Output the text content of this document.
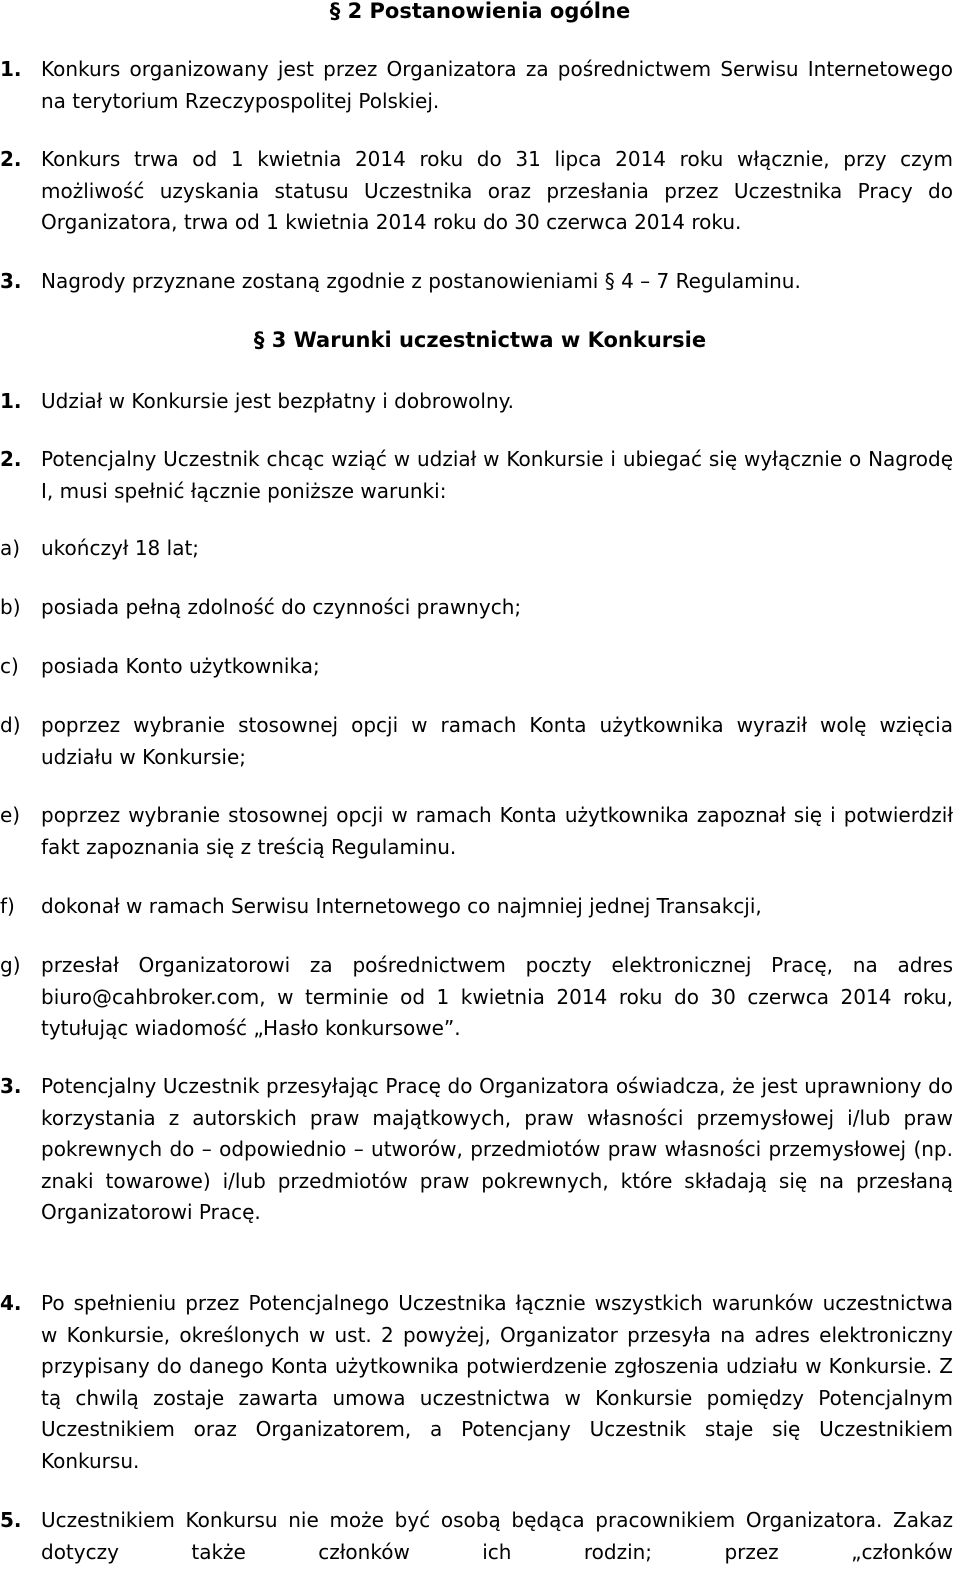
§ 2 Postanowienia ogólne
1. Konkurs organizowany jest przez Organizatora za pośrednictwem Serwisu Internetowego na terytorium Rzeczypospolitej Polskiej.
2. Konkurs trwa od 1 kwietnia 2014 roku do 31 lipca 2014 roku włącznie, przy czym możliwość uzyskania statusu Uczestnika oraz przesłania przez Uczestnika Pracy do Organizatora, trwa od 1 kwietnia 2014 roku do 30 czerwca 2014 roku.
3. Nagrody przyznane zostaną zgodnie z postanowieniami § 4 – 7 Regulaminu.
§ 3 Warunki uczestnictwa w Konkursie
1. Udział w Konkursie jest bezpłatny i dobrowolny.
2. Potencjalny Uczestnik chcąc wziąć w udział w Konkursie i ubiegać się wyłącznie o Nagrodę I, musi spełnić łącznie poniższe warunki:
a)	ukończył 18 lat;
b)	posiada pełną zdolność do czynności prawnych;
c)	posiada Konto użytkownika;
d)	poprzez wybranie stosownej opcji w ramach Konta użytkownika wyraził wolę wzięcia udziału w Konkursie;
e)	poprzez wybranie stosownej opcji w ramach Konta użytkownika zapoznał się i potwierdził fakt zapoznania się z treścią Regulaminu.
f)	dokonał w ramach Serwisu Internetowego co najmniej jednej Transakcji,
g)	przesłał Organizatorowi za pośrednictwem poczty elektronicznej Pracę, na adres biuro@cahbroker.com, w terminie od 1 kwietnia 2014 roku do 30 czerwca 2014 roku, tytułując wiadomość „Hasło konkursowe”.
3. Potencjalny Uczestnik przesyłając Pracę do Organizatora oświadcza, że jest uprawniony do korzystania z autorskich praw majątkowych, praw własności przemysłowej i/lub praw pokrewnych do – odpowiednio – utworów, przedmiotów praw własności przemysłowej (np. znaki towarowe) i/lub przedmiotów praw pokrewnych, które składają się na przesłaną Organizatorowi Pracę.
4. Po spełnieniu przez Potencjalnego Uczestnika łącznie wszystkich warunków uczestnictwa w Konkursie, określonych w ust. 2 powyżej, Organizator przesyła na adres elektroniczny przypisany do danego Konta użytkownika potwierdzenie zgłoszenia udziału w Konkursie. Z tą chwilą zostaje zawarta umowa uczestnictwa w Konkursie pomiędzy Potencjalnym Uczestnikiem oraz Organizatorem, a Potencjany Uczestnik staje się Uczestnikiem Konkursu.
5. Uczestnikiem Konkursu nie może być osobą będąca pracownikiem Organizatora. Zakaz dotyczy także członków ich rodzin; przez „członków
